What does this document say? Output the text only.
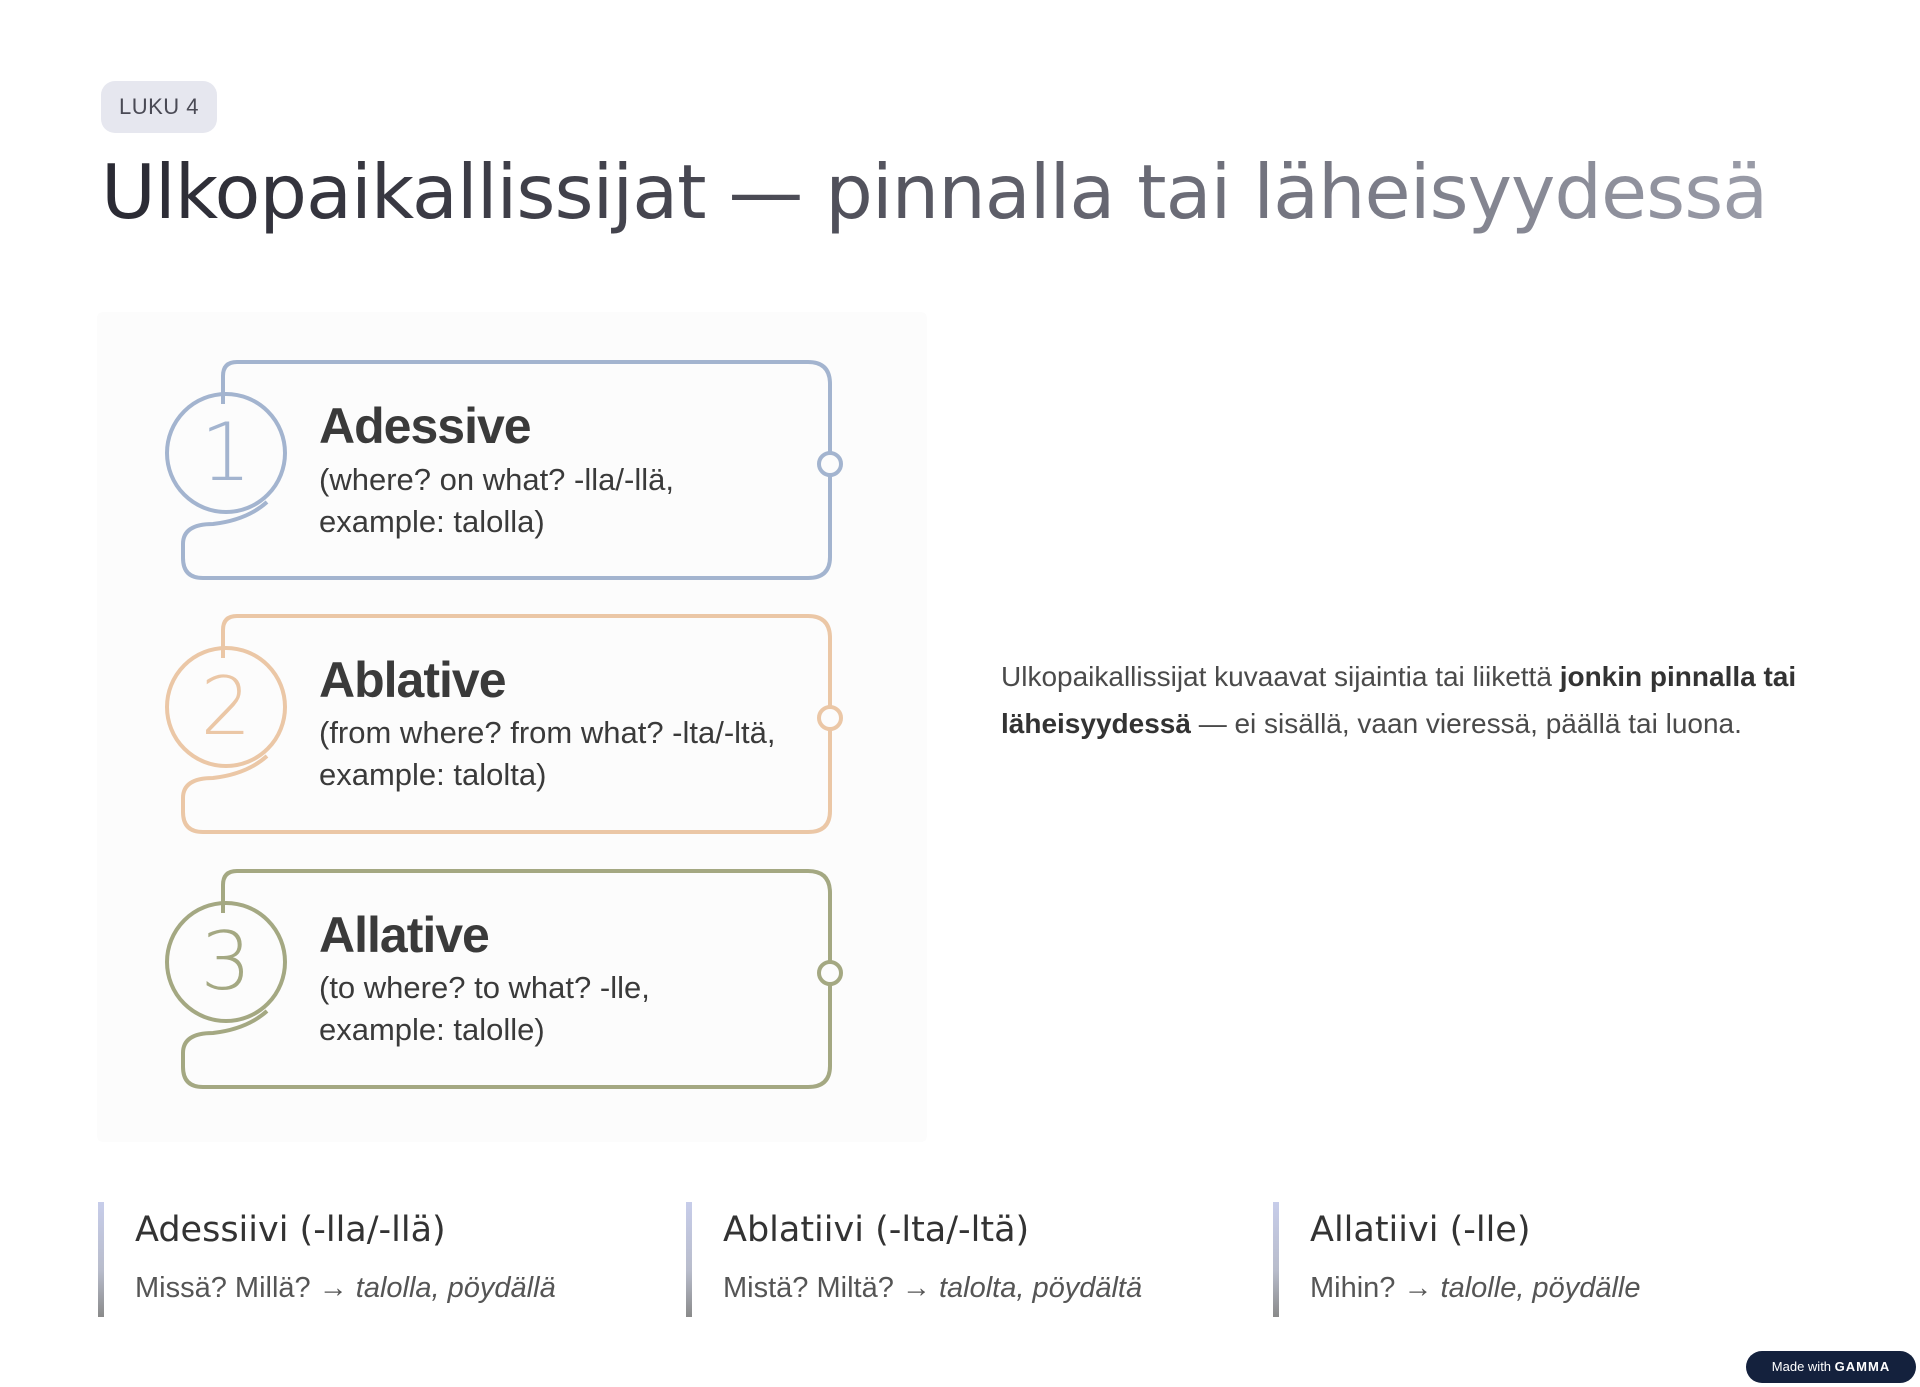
LUKU 4
Ulkopaikallissijat — pinnalla tai läheisyydessä
1	Adessive

(where? on what? -lla/-llä,

example: talolla)

2	Ablative

(from where? from what? -lta/-ltä,

example: talolta)

3	Allative

(to where? to what? -lle,

example: talolle)

Ulkopaikallissijat kuvaavat sijaintia tai liikettä jonkin pinnalla tai läheisyydessä — ei sisällä, vaan vieressä, päällä tai luona.

Adessiivi (-lla/-llä)

Missä? Millä? → talolla, pöydällä

Ablatiivi (-lta/-ltä)

Mistä? Miltä? → talolta, pöydältä

Allatiivi (-lle)

Mihin? → talolle, pöydälle

Made with GAMMA
